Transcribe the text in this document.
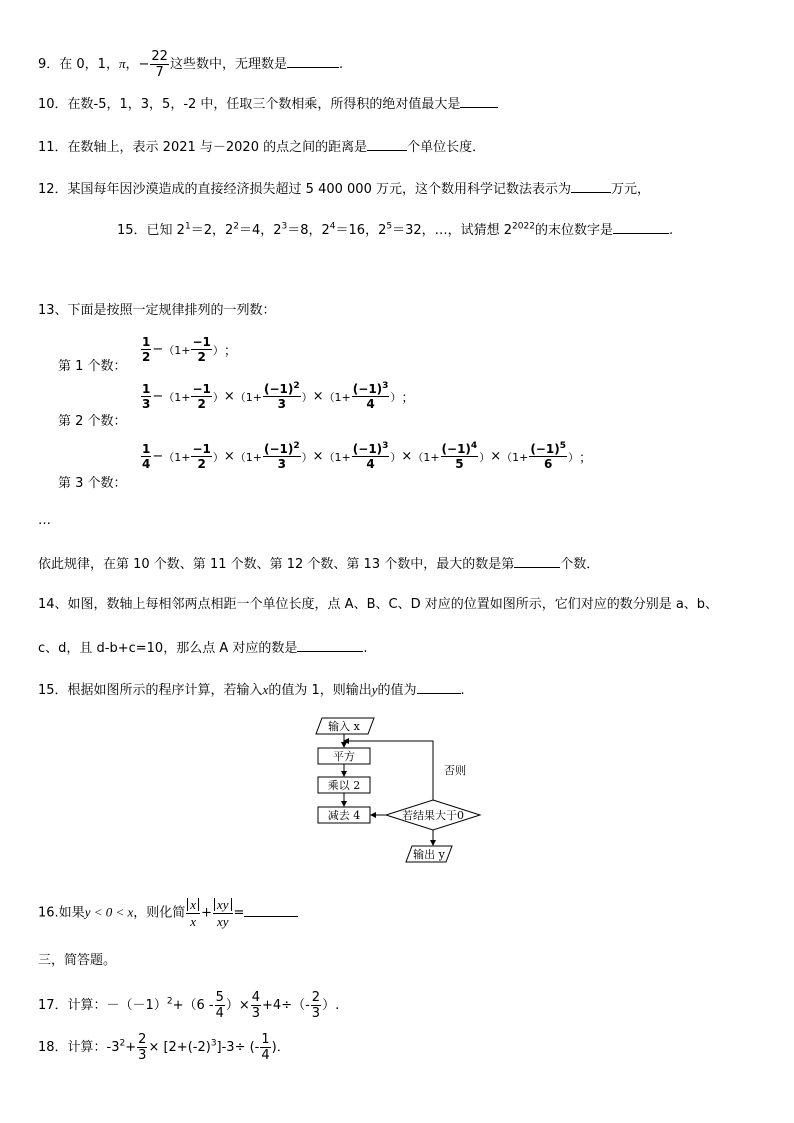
9．在 0，1，π，− $\frac{22}{7}$ 这些数中，无理数是	.
10．在数-5，1，3，5，-2 中，任取三个数相乘，所得积的绝对值最大是
11．在数轴上，表示 2021 与－2020 的点之间的距离是	个单位长度．
12．某国每年因沙漠造成的直接经济损失超过 5 400 000 万元，这个数用科学记数法表示为	万元，
15．已知 $2^1=2$，$2^2=4$，$2^3=8$，$2^4=16$，$2^5=32$，…，试猜想 $2^{2022}$的末位数字是	.
13、下面是按照一定规律排列的一列数：
第 1 个数：
$\frac{1}{2} - (1+ \frac{-1}{2}$ ） ；
第 2 个数：
$\frac{1}{3} - (1+ \frac{-1}{2}$ ） × （$1+ \frac{(-1)^2}{3}$ ） × （$1+ \frac{(-1)^3}{4}$ ） ；
第 3 个数：
$\frac{1}{4} - (1+ \frac{-1}{2}$ ） × （$1+ \frac{(-1)^2}{3}$ ） × （$1+ \frac{(-1)^3}{4}$ ） × （$1+ \frac{(-1)^4}{5}$ ） × （$1+ \frac{(-1)^5}{6}$ ） ；
…
依此规律，在第 10 个数、第 11 个数、第 12 个数、第 13 个数中，最大的数是第	个数．
14、如图，数轴上每相邻两点相距一个单位长度，点 A、B、C、D 对应的位置如图所示，它们对应的数分别是 a、b、
c、d，且 d-b+c=10，那么点 A 对应的数是	.
15．根据如图所示的程序计算，若输入x的值为 1，则输出y的值为	.
输入 x
平方
乘以 2
减去 4	若结果大于0
输出 y
否则
16.如果y < 0 < x，则化简 $\frac{x}{x} + \frac{xy}{xy}$ =
三，简答题。
17．计算：$-(-1)^2+(6 - \frac{5}{4}$ ）× $\frac{4}{3} +4\div(- \frac{2}{3}$ ）.
18．计算：$-3^2+ \frac{2}{3} \times [2+(-2)^3]-3\div$ (- $\frac{1}{4}$ )．
